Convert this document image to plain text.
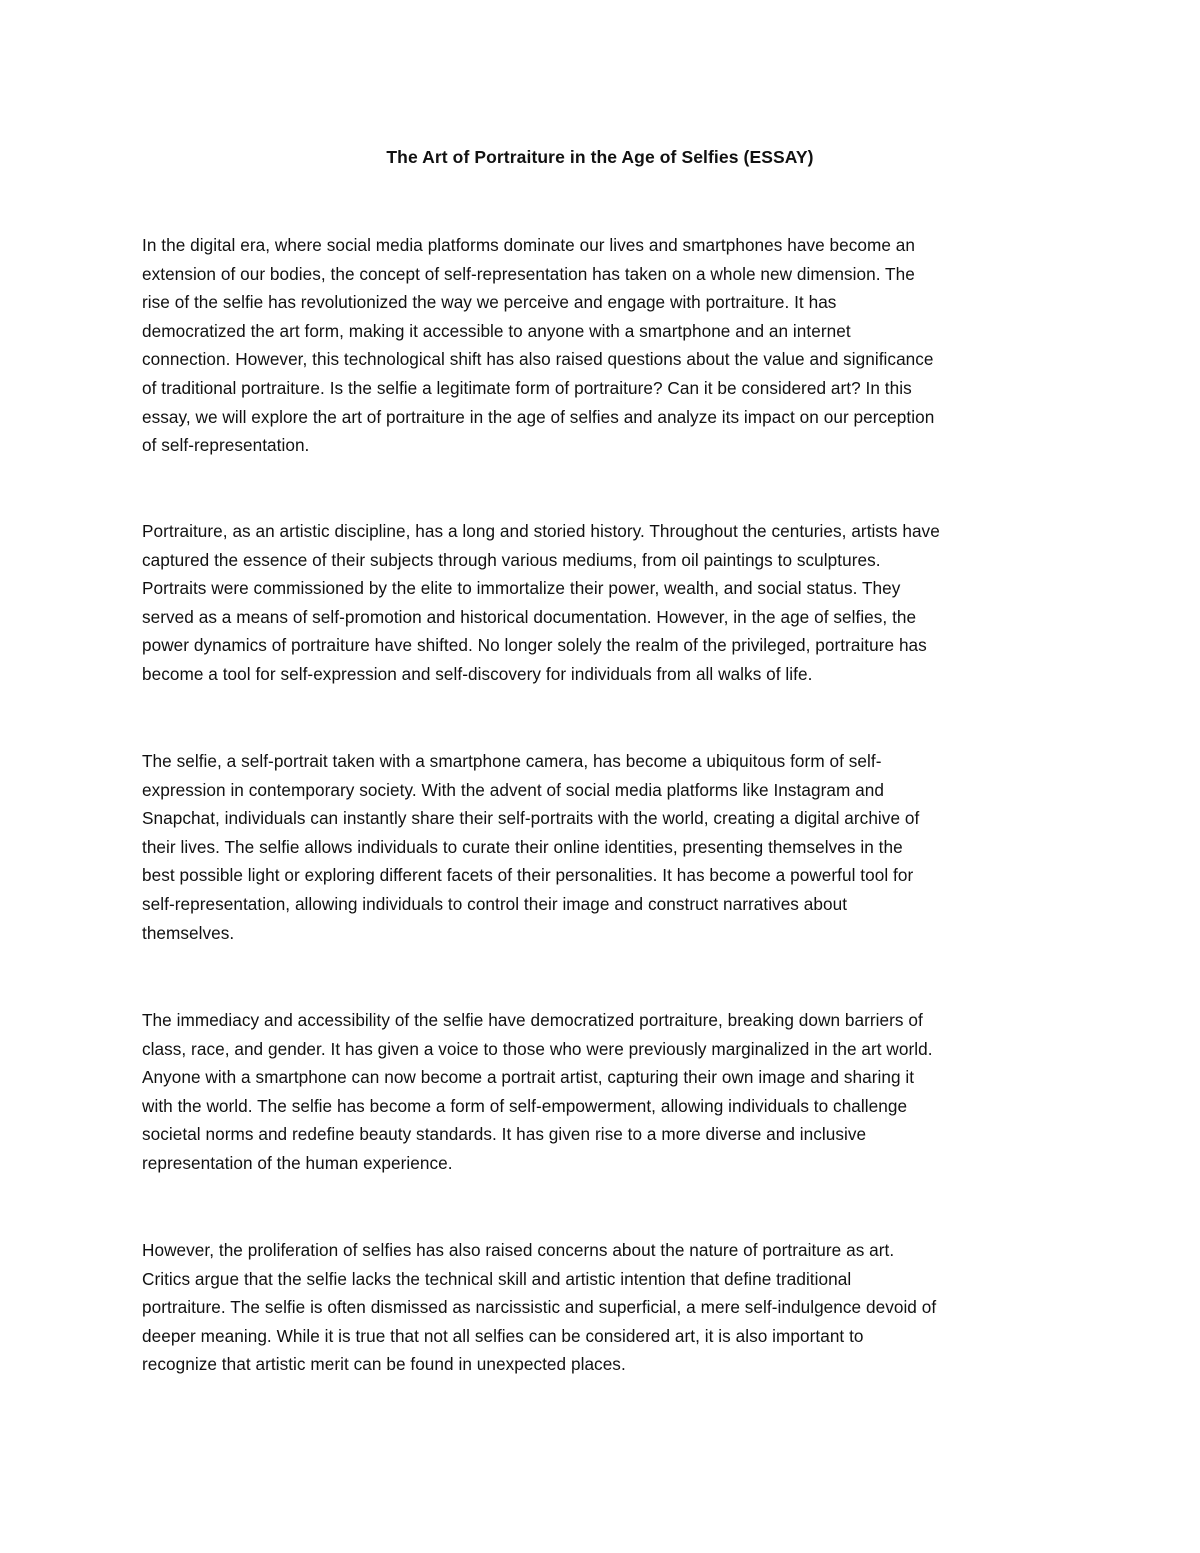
The Art of Portraiture in the Age of Selfies (ESSAY)

In the digital era, where social media platforms dominate our lives and smartphones have become an
extension of our bodies, the concept of self-representation has taken on a whole new dimension. The
rise of the selfie has revolutionized the way we perceive and engage with portraiture. It has
democratized the art form, making it accessible to anyone with a smartphone and an internet
connection. However, this technological shift has also raised questions about the value and significance
of traditional portraiture. Is the selfie a legitimate form of portraiture? Can it be considered art? In this
essay, we will explore the art of portraiture in the age of selfies and analyze its impact on our perception
of self-representation.

Portraiture, as an artistic discipline, has a long and storied history. Throughout the centuries, artists have
captured the essence of their subjects through various mediums, from oil paintings to sculptures.
Portraits were commissioned by the elite to immortalize their power, wealth, and social status. They
served as a means of self-promotion and historical documentation. However, in the age of selfies, the
power dynamics of portraiture have shifted. No longer solely the realm of the privileged, portraiture has
become a tool for self-expression and self-discovery for individuals from all walks of life.

The selfie, a self-portrait taken with a smartphone camera, has become a ubiquitous form of self-
expression in contemporary society. With the advent of social media platforms like Instagram and
Snapchat, individuals can instantly share their self-portraits with the world, creating a digital archive of
their lives. The selfie allows individuals to curate their online identities, presenting themselves in the
best possible light or exploring different facets of their personalities. It has become a powerful tool for
self-representation, allowing individuals to control their image and construct narratives about
themselves.

The immediacy and accessibility of the selfie have democratized portraiture, breaking down barriers of
class, race, and gender. It has given a voice to those who were previously marginalized in the art world.
Anyone with a smartphone can now become a portrait artist, capturing their own image and sharing it
with the world. The selfie has become a form of self-empowerment, allowing individuals to challenge
societal norms and redefine beauty standards. It has given rise to a more diverse and inclusive
representation of the human experience.

However, the proliferation of selfies has also raised concerns about the nature of portraiture as art.
Critics argue that the selfie lacks the technical skill and artistic intention that define traditional
portraiture. The selfie is often dismissed as narcissistic and superficial, a mere self-indulgence devoid of
deeper meaning. While it is true that not all selfies can be considered art, it is also important to
recognize that artistic merit can be found in unexpected places.
